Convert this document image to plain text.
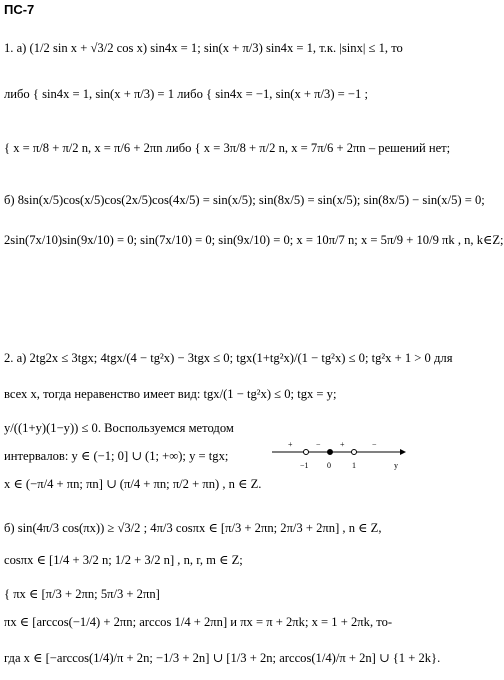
ПС-7
1. а) (1/2 sin x + √3/2 cos x) sin4x = 1; sin(x + π/3) sin4x = 1, т.к. |sinx| ≤ 1, то
либо { sin4x = 1, sin(x + π/3) = 1 либо { sin4x = −1, sin(x + π/3) = −1 ;
{ x = π/8 + π/2 n, x = π/6 + 2πn либо { x = 3π/8 + π/2 n, x = 7π/6 + 2πn – решений нет;
б) 8sin(x/5)cos(x/5)cos(2x/5)cos(4x/5) = sin(x/5); sin(8x/5) = sin(x/5); sin(8x/5) − sin(x/5) = 0;
2sin(7x/10)sin(9x/10) = 0; sin(7x/10) = 0; sin(9x/10) = 0; x = 10π/7 n; x = 5π/9 + 10/9 πk , n, k∈Z;
2. а) 2tg2x ≤ 3tgx; 4tgx/(4 − tg²x) − 3tgx ≤ 0; tgx(1+tg²x)/(1 − tg²x) ≤ 0; tg²x + 1 > 0 для
всех x, тогда неравенство имеет вид: tgx/(1 − tg²x) ≤ 0; tgx = y;
y/((1+y)(1−y)) ≤ 0. Воспользуемся методом
интервалов: y ∈ (−1; 0] ∪ (1; +∞); y = tgx;
x ∈ (−π/4 + πn; πn] ∪ (π/4 + πn; π/2 + πn) , n ∈ Z.
б) sin(4π/3 cos(πx)) ≥ √3/2 ; 4π/3 cosπx ∈ [π/3 + 2πn; 2π/3 + 2πn] , n ∈ Z,
cosπx ∈ [1/4 + 3/2 n; 1/2 + 3/2 n] , n, r, m ∈ Z;
{ πx ∈ [π/3 + 2πn; 5π/3 + 2πn]
πx ∈ [arccos(−1/4) + 2πn; arccos 1/4 + 2πn] и πx = π + 2πk; x = 1 + 2πk, то-
гда x ∈ [−arccos(1/4)/π + 2n; −1/3 + 2n] ∪ [1/3 + 2n; arccos(1/4)/π + 2n] ∪ {1 + 2k}.
−1 0	1	y
+	− +	−
